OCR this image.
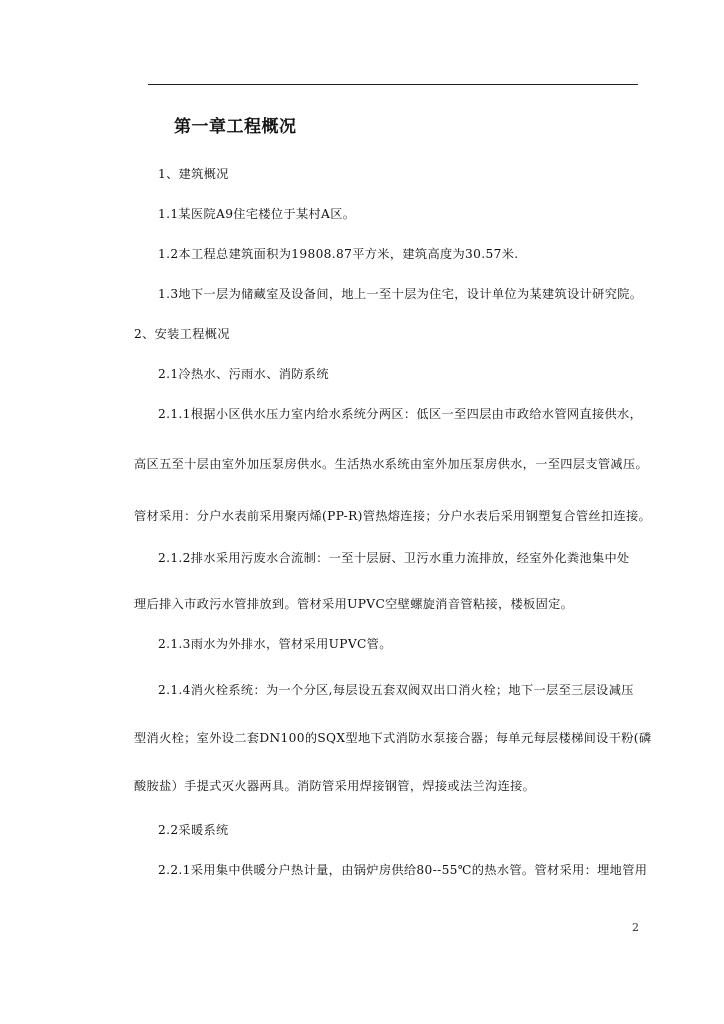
第一章工程概况
1、建筑概况
1.1某医院A9住宅楼位于某村A区。
1.2本工程总建筑面积为19808.87平方米，建筑高度为30.57米.
1.3地下一层为储藏室及设备间，地上一至十层为住宅，设计单位为某建筑设计研究院。
2、安装工程概况
2.1冷热水、污雨水、消防系统
2.1.1根据小区供水压力室内给水系统分两区：低区一至四层由市政给水管网直接供水，
高区五至十层由室外加压泵房供水。生活热水系统由室外加压泵房供水，一至四层支管减压。
管材采用：分户水表前采用聚丙烯(PP-R)管热熔连接；分户水表后采用钢塑复合管丝扣连接。
2.1.2排水采用污废水合流制：一至十层厨、卫污水重力流排放，经室外化粪池集中处
理后排入市政污水管排放到。管材采用UPVC空壁螺旋消音管粘接，楼板固定。
2.1.3雨水为外排水，管材采用UPVC管。
2.1.4消火栓系统：为一个分区,每层设五套双阀双出口消火栓；地下一层至三层设减压
型消火栓；室外设二套DN100的SQX型地下式消防水泵接合器；每单元每层楼梯间设干粉(磷
酸胺盐）手提式灭火器两具。消防管采用焊接钢管，焊接或法兰沟连接。
2.2采暖系统
2.2.1采用集中供暖分户热计量，由锅炉房供给80--55℃的热水管。管材采用：埋地管用
2
